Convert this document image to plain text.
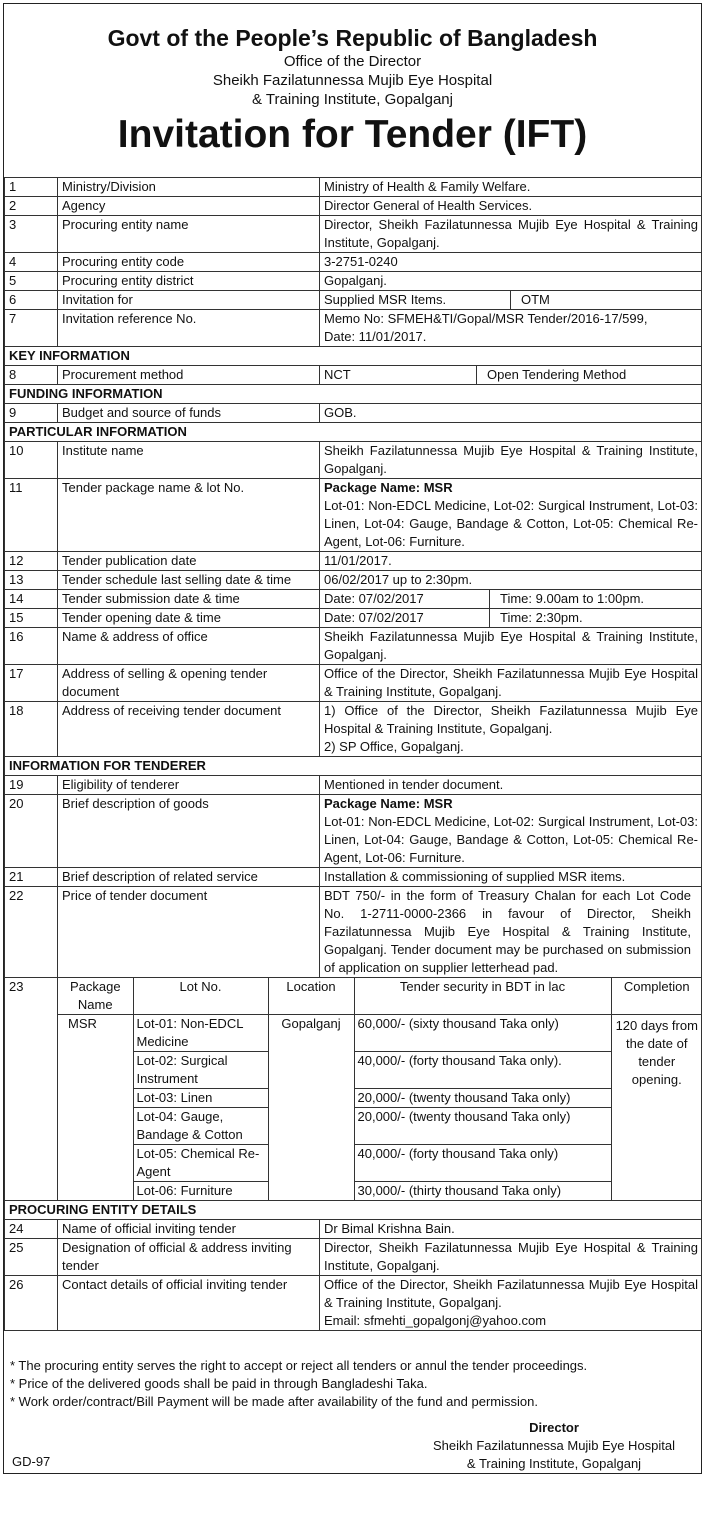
Govt of the People’s Republic of Bangladesh
Office of the Director
Sheikh Fazilatunnessa Mujib Eye Hospital
& Training Institute, Gopalganj
Invitation for Tender (IFT)
1	Ministry/Division	Ministry of Health & Family Welfare.
2	Agency	Director General of Health Services.
3	Procuring entity name	Director, Sheikh Fazilatunnessa Mujib Eye Hospital & Training Institute, Gopalganj.
4	Procuring entity code	3-2751-0240
5	Procuring entity district	Gopalganj.
6	Invitation for	Supplied MSR Items.	OTM

7	Invitation reference No.	Memo No: SFMEH&TI/Gopal/MSR Tender/2016-17/599,
Date: 11/01/2017.

KEY INFORMATION
8	Procurement method	NCT	Open Tendering Method

FUNDING INFORMATION
9	Budget and source of funds	GOB.
PARTICULAR INFORMATION
10	Institute name	Sheikh Fazilatunnessa Mujib Eye Hospital & Training Institute, Gopalganj.
11	Tender package name & lot No.	Package Name: MSR
Lot-01: Non-EDCL Medicine, Lot-02: Surgical Instrument, Lot-03: Linen, Lot-04: Gauge, Bandage & Cotton, Lot-05: Chemical Re-Agent, Lot-06: Furniture.

12	Tender publication date	11/01/2017.
13	Tender schedule last selling date & time	06/02/2017 up to 2:30pm.
14	Tender submission date & time	Date: 07/02/2017	Time: 9.00am to 1:00pm.

15	Tender opening date & time	Date: 07/02/2017	Time: 2:30pm.

16	Name & address of office	Sheikh Fazilatunnessa Mujib Eye Hospital & Training Institute, Gopalganj.
17	Address of selling & opening tender document	Office of the Director, Sheikh Fazilatunnessa Mujib Eye Hospital & Training Institute, Gopalganj.
18	Address of receiving tender document	1) Office of the Director, Sheikh Fazilatunnessa Mujib Eye Hospital & Training Institute, Gopalganj.
2) SP Office, Gopalganj.

INFORMATION FOR TENDERER
19	Eligibility of tenderer	Mentioned in tender document.
20	Brief description of goods	Package Name: MSR
Lot-01: Non-EDCL Medicine, Lot-02: Surgical Instrument, Lot-03: Linen, Lot-04: Gauge, Bandage & Cotton, Lot-05: Chemical Re-Agent, Lot-06: Furniture.

21	Brief description of related service	Installation & commissioning of supplied MSR items.
22	Price of tender document	BDT 750/- in the form of Treasury Chalan for each Lot Code No. 1-2711-0000-2366 in favour of Director, Sheikh Fazilatunnessa Mujib Eye Hospital & Training Institute, Gopalganj. Tender document may be purchased on submission of application on supplier letterhead pad.
23		Package Name	Lot No.	Location	Tender security in BDT in lac	Completion
MSR	Lot-01: Non-EDCL Medicine	Gopalganj	60,000/- (sixty thousand Taka only)	120 days from the date of tender opening.
Lot-02: Surgical Instrument	40,000/- (forty thousand Taka only).
Lot-03: Linen	20,000/- (twenty thousand Taka only)
Lot-04: Gauge, Bandage & Cotton	20,000/- (twenty thousand Taka only)
Lot-05: Chemical Re-Agent	40,000/- (forty thousand Taka only)
Lot-06: Furniture	30,000/- (thirty thousand Taka only)

PROCURING ENTITY DETAILS
24	Name of official inviting tender	Dr Bimal Krishna Bain.
25	Designation of official & address inviting tender	Director, Sheikh Fazilatunnessa Mujib Eye Hospital & Training Institute, Gopalganj.
26	Contact details of official inviting tender	Office of the Director, Sheikh Fazilatunnessa Mujib Eye Hospital & Training Institute, Gopalganj.
Email: sfmehti_gopalgonj@yahoo.com
* The procuring entity serves the right to accept or reject all tenders or annul the tender proceedings.
* Price of the delivered goods shall be paid in through Bangladeshi Taka.
* Work order/contract/Bill Payment will be made after availability of the fund and permission.
Director
Sheikh Fazilatunnessa Mujib Eye Hospital
& Training Institute, Gopalganj
GD-97
